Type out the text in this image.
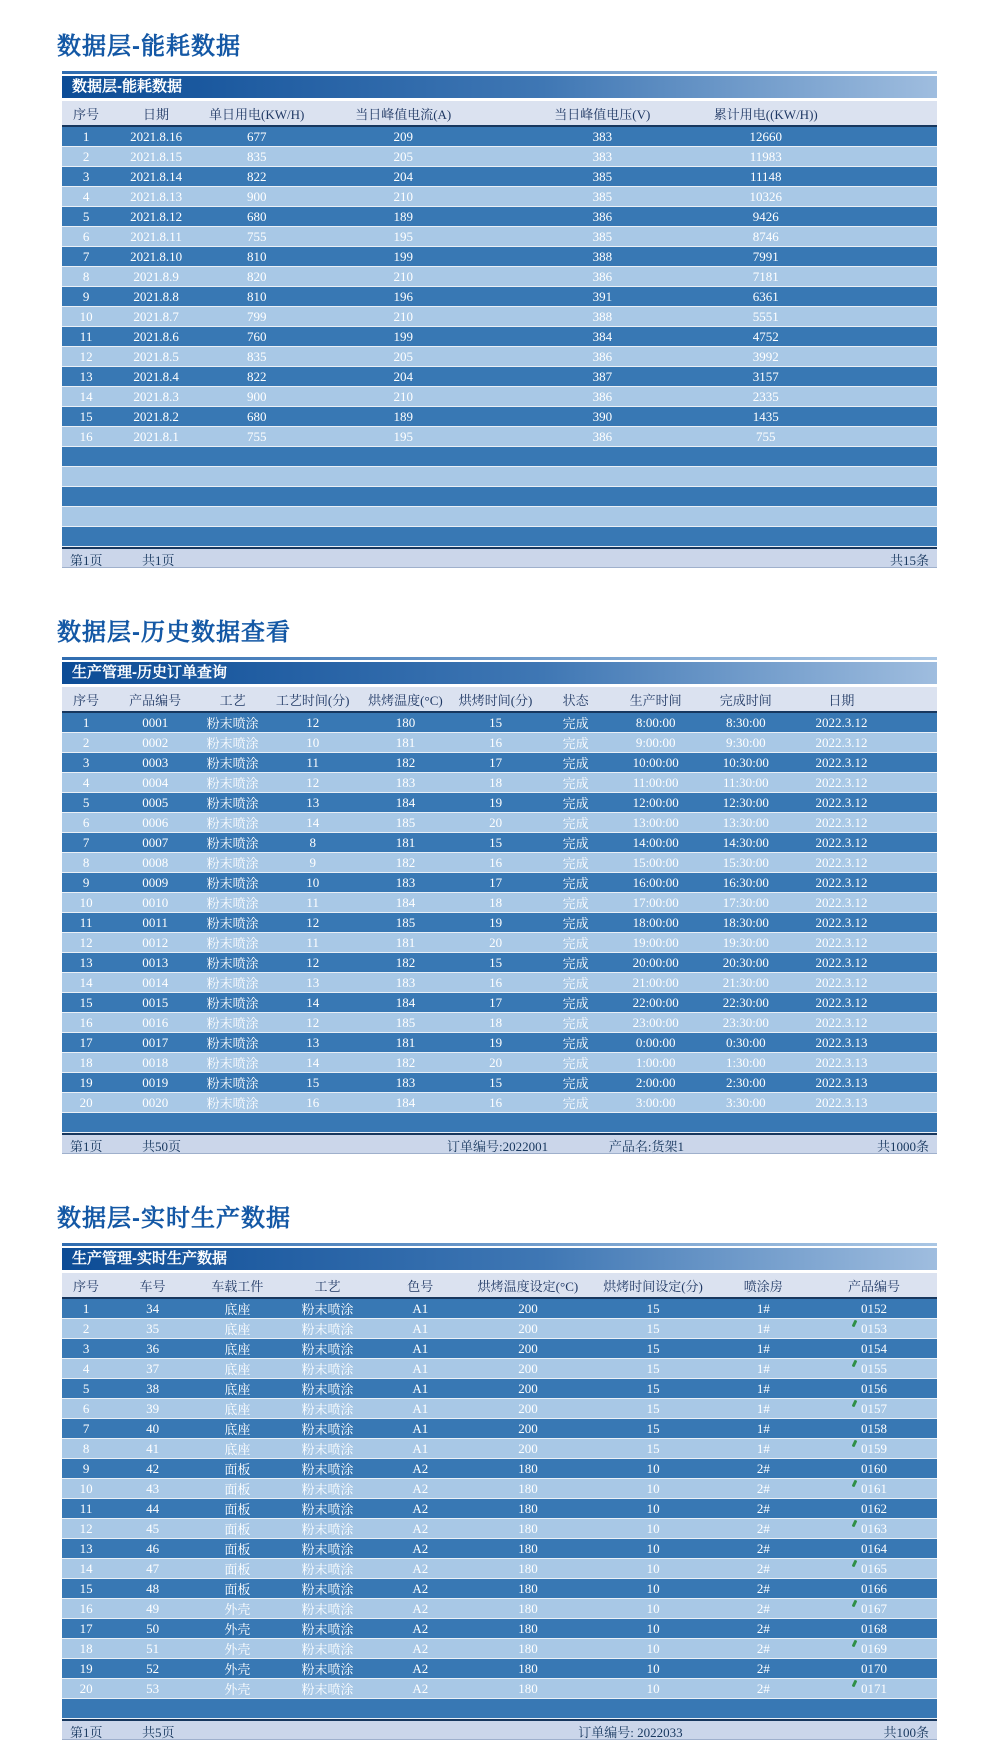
数据层-能耗数据
数据层-能耗数据
序号	日期	单日用电(KW/H)	当日峰值电流(A)	当日峰值电压(V)	累计用电((KW/H))
1	2021.8.16	677	209	383	12660
2	2021.8.15	835	205	383	11983
3	2021.8.14	822	204	385	11148
4	2021.8.13	900	210	385	10326
5	2021.8.12	680	189	386	9426
6	2021.8.11	755	195	385	8746
7	2021.8.10	810	199	388	7991
8	2021.8.9	820	210	386	7181
9	2021.8.8	810	196	391	6361
10	2021.8.7	799	210	388	5551
11	2021.8.6	760	199	384	4752
12	2021.8.5	835	205	386	3992
13	2021.8.4	822	204	387	3157
14	2021.8.3	900	210	386	2335
15	2021.8.2	680	189	390	1435
16	2021.8.1	755	195	386	755

第1页	共1页	共15条
数据层-历史数据查看
生产管理-历史订单查询
序号	产品编号	工艺	工艺时间(分)	烘烤温度(°C)	烘烤时间(分)	状态	生产时间	完成时间	日期
1	0001	粉末喷涂	12	180	15	完成	8:00:00	8:30:00	2022.3.12
2	0002	粉末喷涂	10	181	16	完成	9:00:00	9:30:00	2022.3.12
3	0003	粉末喷涂	11	182	17	完成	10:00:00	10:30:00	2022.3.12
4	0004	粉末喷涂	12	183	18	完成	11:00:00	11:30:00	2022.3.12
5	0005	粉末喷涂	13	184	19	完成	12:00:00	12:30:00	2022.3.12
6	0006	粉末喷涂	14	185	20	完成	13:00:00	13:30:00	2022.3.12
7	0007	粉末喷涂	8	181	15	完成	14:00:00	14:30:00	2022.3.12
8	0008	粉末喷涂	9	182	16	完成	15:00:00	15:30:00	2022.3.12
9	0009	粉末喷涂	10	183	17	完成	16:00:00	16:30:00	2022.3.12
10	0010	粉末喷涂	11	184	18	完成	17:00:00	17:30:00	2022.3.12
11	0011	粉末喷涂	12	185	19	完成	18:00:00	18:30:00	2022.3.12
12	0012	粉末喷涂	11	181	20	完成	19:00:00	19:30:00	2022.3.12
13	0013	粉末喷涂	12	182	15	完成	20:00:00	20:30:00	2022.3.12
14	0014	粉末喷涂	13	183	16	完成	21:00:00	21:30:00	2022.3.12
15	0015	粉末喷涂	14	184	17	完成	22:00:00	22:30:00	2022.3.12
16	0016	粉末喷涂	12	185	18	完成	23:00:00	23:30:00	2022.3.12
17	0017	粉末喷涂	13	181	19	完成	0:00:00	0:30:00	2022.3.13
18	0018	粉末喷涂	14	182	20	完成	1:00:00	1:30:00	2022.3.13
19	0019	粉末喷涂	15	183	15	完成	2:00:00	2:30:00	2022.3.13
20	0020	粉末喷涂	16	184	16	完成	3:00:00	3:30:00	2022.3.13

第1页	共50页	订单编号:2022001	产品名:货架1	共1000条
数据层-实时生产数据
生产管理-实时生产数据
序号	车号	车载工件	工艺	色号	烘烤温度设定(°C)	烘烤时间设定(分)	喷涂房	产品编号
1	34	底座	粉末喷涂	A1	200	15	1#	0152
2	35	底座	粉末喷涂	A1	200	15	1#	0153

3	36	底座	粉末喷涂	A1	200	15	1#	0154
4	37	底座	粉末喷涂	A1	200	15	1#	0155

5	38	底座	粉末喷涂	A1	200	15	1#	0156
6	39	底座	粉末喷涂	A1	200	15	1#	0157

7	40	底座	粉末喷涂	A1	200	15	1#	0158
8	41	底座	粉末喷涂	A1	200	15	1#	0159

9	42	面板	粉末喷涂	A2	180	10	2#	0160
10	43	面板	粉末喷涂	A2	180	10	2#	0161

11	44	面板	粉末喷涂	A2	180	10	2#	0162
12	45	面板	粉末喷涂	A2	180	10	2#	0163

13	46	面板	粉末喷涂	A2	180	10	2#	0164
14	47	面板	粉末喷涂	A2	180	10	2#	0165

15	48	面板	粉末喷涂	A2	180	10	2#	0166
16	49	外壳	粉末喷涂	A2	180	10	2#	0167

17	50	外壳	粉末喷涂	A2	180	10	2#	0168
18	51	外壳	粉末喷涂	A2	180	10	2#	0169

19	52	外壳	粉末喷涂	A2	180	10	2#	0170
20	53	外壳	粉末喷涂	A2	180	10	2#	0171

第1页	共5页	订单编号: 2022033	共100条
